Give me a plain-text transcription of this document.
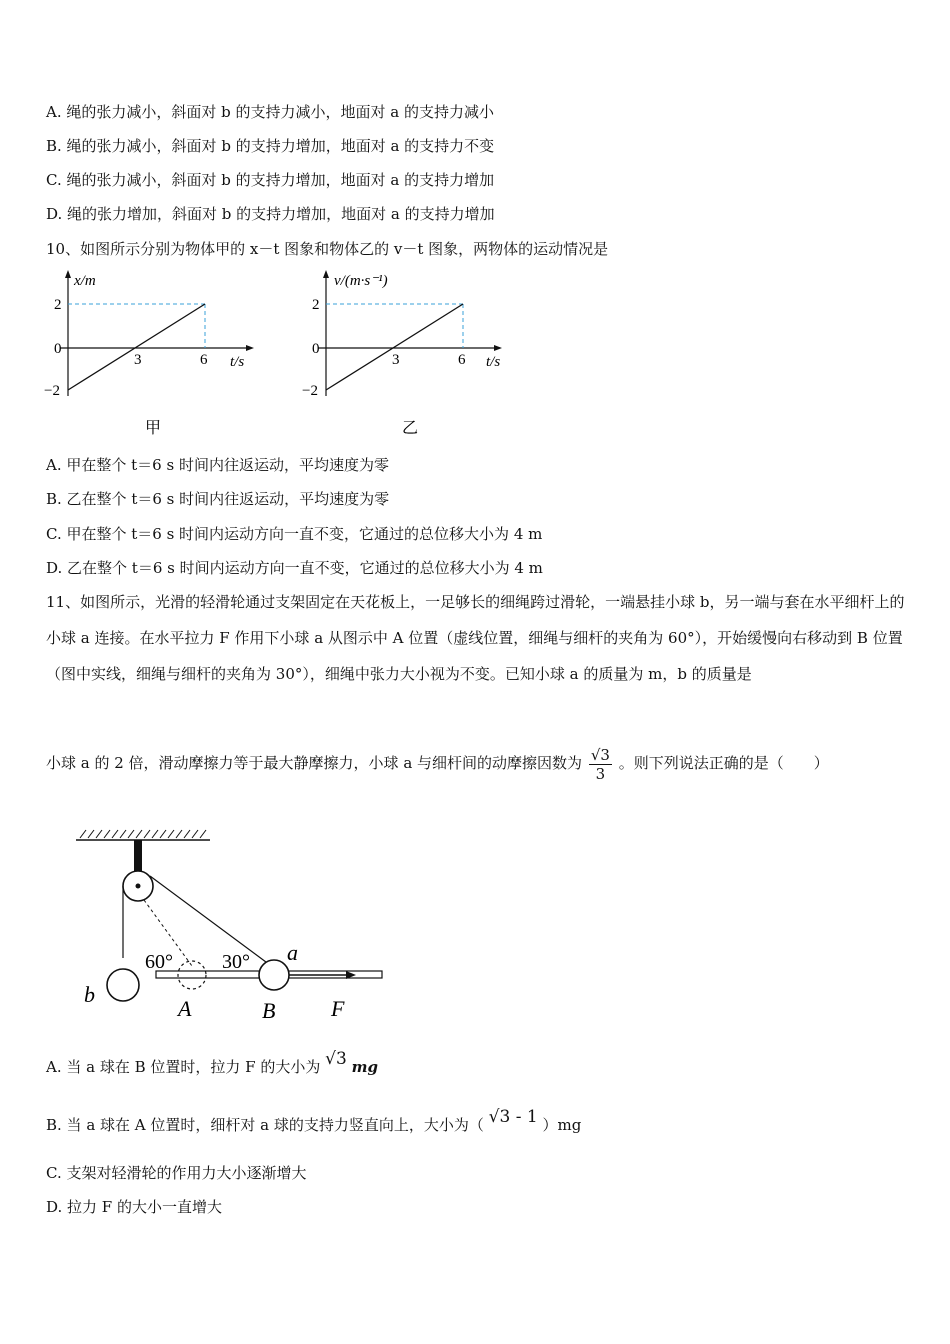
A. 绳的张力减小，斜面对 b 的支持力减小，地面对 a 的支持力减小
B. 绳的张力减小，斜面对 b 的支持力增加，地面对 a 的支持力不变
C. 绳的张力减小，斜面对 b 的支持力增加，地面对 a 的支持力增加
D. 绳的张力增加，斜面对 b 的支持力增加，地面对 a 的支持力增加
10、如图所示分别为物体甲的 x－t 图象和物体乙的 v－t 图象，两物体的运动情况是
x/m
2
0
−2
3	6 t/s
甲
v/(m·s⁻¹)
2
0
−2
3	6 t/s
乙
A. 甲在整个 t＝6 s 时间内往返运动，平均速度为零
B. 乙在整个 t＝6 s 时间内往返运动，平均速度为零
C. 甲在整个 t＝6 s 时间内运动方向一直不变，它通过的总位移大小为 4 m
D. 乙在整个 t＝6 s 时间内运动方向一直不变，它通过的总位移大小为 4 m
11、如图所示，光滑的轻滑轮通过支架固定在天花板上，一足够长的细绳跨过滑轮，一端悬挂小球 b，另一端与套在水平细杆上的小球 a 连接。在水平拉力 F 作用下小球 a 从图示中 A 位置（虚线位置，细绳与细杆的夹角为 60°），开始缓慢向右移动到 B 位置（图中实线，细绳与细杆的夹角为 30°），细绳中张力大小视为不变。已知小球 a 的质量为 m，b 的质量是
小球 a 的 2 倍，滑动摩擦力等于最大静摩擦力，小球 a 与细杆间的动摩擦因数为 $\frac{√3}{3}$ 。则下列说法正确的是（　　）
60° 30° a
b
A	B	F
A. 当 a 球在 B 位置时，拉力 F 的大小为 √3 mg
B. 当 a 球在 A 位置时，细杆对 a 球的支持力竖直向上，大小为（ √3 - 1 ）mg
C. 支架对轻滑轮的作用力大小逐渐增大
D. 拉力 F 的大小一直增大
